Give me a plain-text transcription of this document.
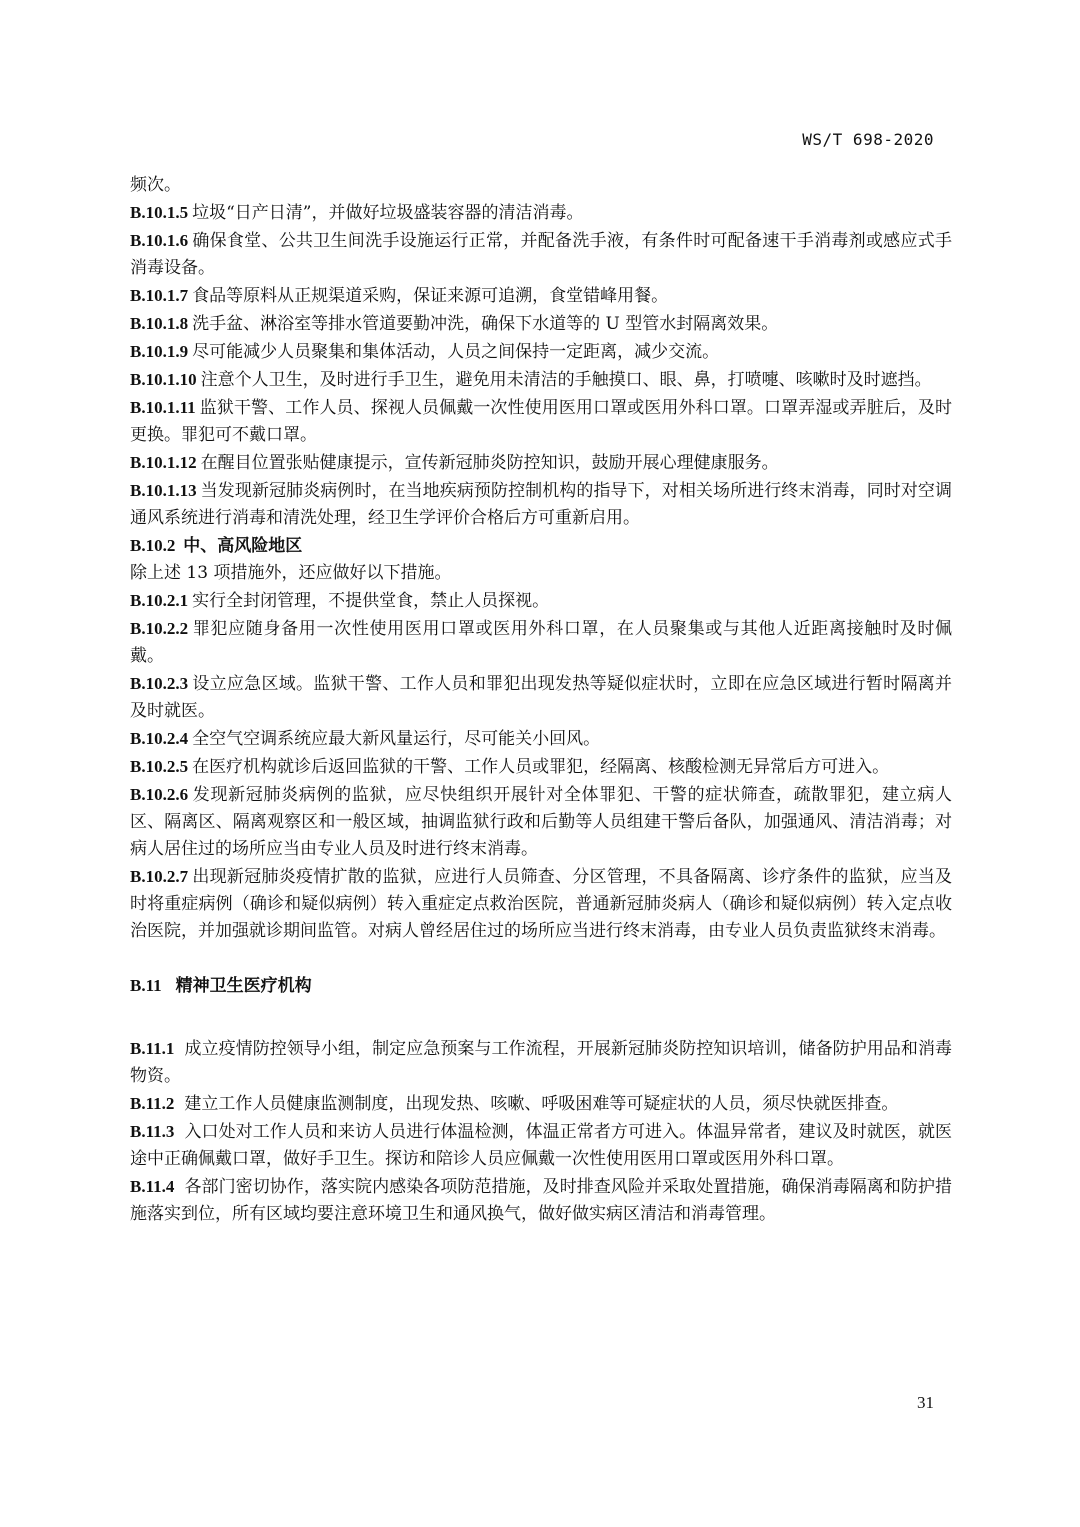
WS/T 698-2020

频次。

B.10.1.5 垃圾“日产日清”，并做好垃圾盛装容器的清洁消毒。

B.10.1.6 确保食堂、公共卫生间洗手设施运行正常，并配备洗手液，有条件时可配备速干手消毒剂或感应式手消毒设备。

B.10.1.7 食品等原料从正规渠道采购，保证来源可追溯，食堂错峰用餐。

B.10.1.8 洗手盆、淋浴室等排水管道要勤冲洗，确保下水道等的 U 型管水封隔离效果。

B.10.1.9 尽可能减少人员聚集和集体活动，人员之间保持一定距离，减少交流。

B.10.1.10 注意个人卫生，及时进行手卫生，避免用未清洁的手触摸口、眼、鼻，打喷嚏、咳嗽时及时遮挡。

B.10.1.11 监狱干警、工作人员、探视人员佩戴一次性使用医用口罩或医用外科口罩。口罩弄湿或弄脏后，及时更换。罪犯可不戴口罩。

B.10.1.12 在醒目位置张贴健康提示，宣传新冠肺炎防控知识，鼓励开展心理健康服务。

B.10.1.13 当发现新冠肺炎病例时，在当地疾病预防控制机构的指导下，对相关场所进行终末消毒，同时对空调通风系统进行消毒和清洗处理，经卫生学评价合格后方可重新启用。

B.10.2 中、高风险地区

除上述 13 项措施外，还应做好以下措施。

B.10.2.1 实行全封闭管理，不提供堂食，禁止人员探视。

B.10.2.2 罪犯应随身备用一次性使用医用口罩或医用外科口罩，在人员聚集或与其他人近距离接触时及时佩戴。

B.10.2.3 设立应急区域。监狱干警、工作人员和罪犯出现发热等疑似症状时，立即在应急区域进行暂时隔离并及时就医。

B.10.2.4 全空气空调系统应最大新风量运行，尽可能关小回风。

B.10.2.5 在医疗机构就诊后返回监狱的干警、工作人员或罪犯，经隔离、核酸检测无异常后方可进入。

B.10.2.6 发现新冠肺炎病例的监狱，应尽快组织开展针对全体罪犯、干警的症状筛查，疏散罪犯，建立病人区、隔离区、隔离观察区和一般区域，抽调监狱行政和后勤等人员组建干警后备队，加强通风、清洁消毒；对病人居住过的场所应当由专业人员及时进行终末消毒。

B.10.2.7 出现新冠肺炎疫情扩散的监狱，应进行人员筛查、分区管理，不具备隔离、诊疗条件的监狱，应当及时将重症病例（确诊和疑似病例）转入重症定点救治医院，普通新冠肺炎病人（确诊和疑似病例）转入定点收治医院，并加强就诊期间监管。对病人曾经居住过的场所应当进行终末消毒，由专业人员负责监狱终末消毒。

B.11 精神卫生医疗机构

B.11.1 成立疫情防控领导小组，制定应急预案与工作流程，开展新冠肺炎防控知识培训，储备防护用品和消毒物资。

B.11.2 建立工作人员健康监测制度，出现发热、咳嗽、呼吸困难等可疑症状的人员，须尽快就医排查。

B.11.3 入口处对工作人员和来访人员进行体温检测，体温正常者方可进入。体温异常者，建议及时就医，就医途中正确佩戴口罩，做好手卫生。探访和陪诊人员应佩戴一次性使用医用口罩或医用外科口罩。

B.11.4 各部门密切协作，落实院内感染各项防范措施，及时排查风险并采取处置措施，确保消毒隔离和防护措施落实到位，所有区域均要注意环境卫生和通风换气，做好做实病区清洁和消毒管理。

31
